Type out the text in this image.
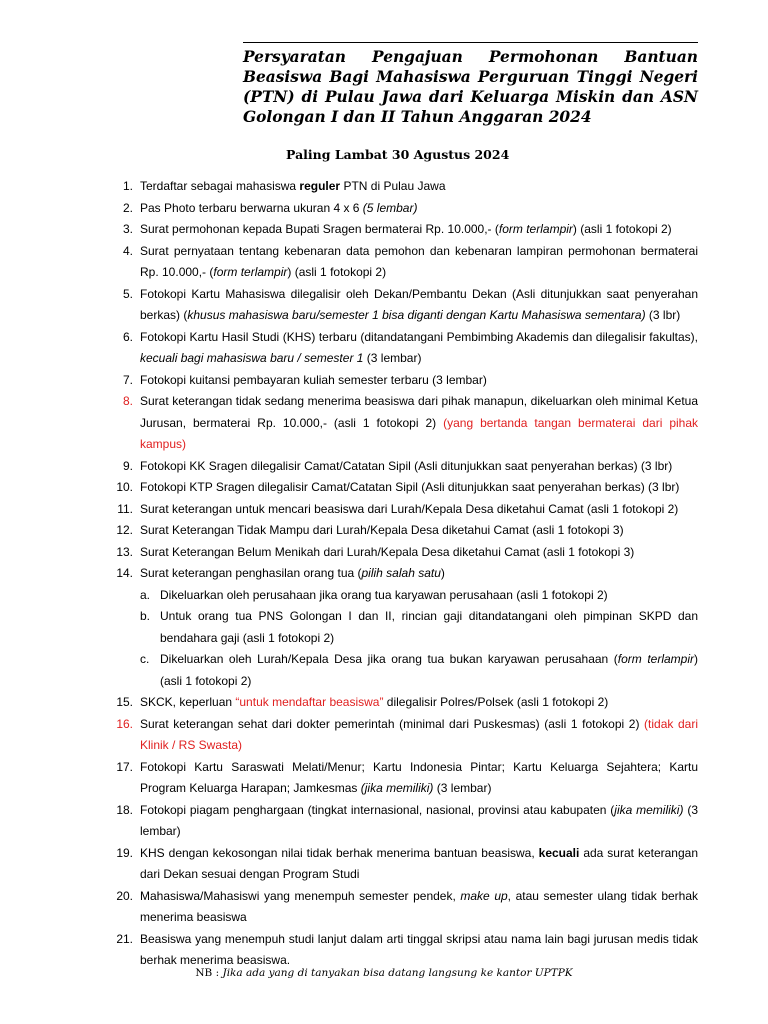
Persyaratan Pengajuan Permohonan Bantuan Beasiswa Bagi Mahasiswa Perguruan Tinggi Negeri (PTN) di Pulau Jawa dari Keluarga Miskin dan ASN Golongan I dan II Tahun Anggaran 2024
Paling Lambat 30 Agustus 2024
1. Terdaftar sebagai mahasiswa reguler PTN di Pulau Jawa
2. Pas Photo terbaru berwarna ukuran 4 x 6 (5 lembar)
3. Surat permohonan kepada Bupati Sragen bermaterai Rp. 10.000,- (form terlampir) (asli 1 fotokopi 2)
4. Surat pernyataan tentang kebenaran data pemohon dan kebenaran lampiran permohonan bermaterai Rp. 10.000,- (form terlampir) (asli 1 fotokopi 2)
5. Fotokopi Kartu Mahasiswa dilegalisir oleh Dekan/Pembantu Dekan (Asli ditunjukkan saat penyerahan berkas) (khusus mahasiswa baru/semester 1 bisa diganti dengan Kartu Mahasiswa sementara) (3 lbr)
6. Fotokopi Kartu Hasil Studi (KHS) terbaru (ditandatangani Pembimbing Akademis dan dilegalisir fakultas), kecuali bagi mahasiswa baru / semester 1 (3 lembar)
7. Fotokopi kuitansi pembayaran kuliah semester terbaru (3 lembar)
8. Surat keterangan tidak sedang menerima beasiswa dari pihak manapun, dikeluarkan oleh minimal Ketua Jurusan, bermaterai Rp. 10.000,- (asli 1 fotokopi 2) (yang bertanda tangan bermaterai dari pihak kampus)
9. Fotokopi KK Sragen dilegalisir Camat/Catatan Sipil (Asli ditunjukkan saat penyerahan berkas) (3 lbr)
10. Fotokopi KTP Sragen dilegalisir Camat/Catatan Sipil (Asli ditunjukkan saat penyerahan berkas) (3 lbr)
11. Surat keterangan untuk mencari beasiswa dari Lurah/Kepala Desa diketahui Camat (asli 1 fotokopi 2)
12. Surat Keterangan Tidak Mampu dari Lurah/Kepala Desa diketahui Camat (asli 1 fotokopi 3)
13. Surat Keterangan Belum Menikah dari Lurah/Kepala Desa diketahui Camat (asli 1 fotokopi 3)
14. Surat keterangan penghasilan orang tua (pilih salah satu)
a. Dikeluarkan oleh perusahaan jika orang tua karyawan perusahaan (asli 1 fotokopi 2)
b. Untuk orang tua PNS Golongan I dan II, rincian gaji ditandatangani oleh pimpinan SKPD dan bendahara gaji (asli 1 fotokopi 2)
c. Dikeluarkan oleh Lurah/Kepala Desa jika orang tua bukan karyawan perusahaan (form terlampir) (asli 1 fotokopi 2)
15. SKCK, keperluan “untuk mendaftar beasiswa” dilegalisir Polres/Polsek (asli 1 fotokopi 2)
16. Surat keterangan sehat dari dokter pemerintah (minimal dari Puskesmas) (asli 1 fotokopi 2) (tidak dari Klinik / RS Swasta)
17. Fotokopi Kartu Saraswati Melati/Menur; Kartu Indonesia Pintar; Kartu Keluarga Sejahtera; Kartu Program Keluarga Harapan; Jamkesmas (jika memiliki) (3 lembar)
18. Fotokopi piagam penghargaan (tingkat internasional, nasional, provinsi atau kabupaten (jika memiliki) (3 lembar)
19. KHS dengan kekosongan nilai tidak berhak menerima bantuan beasiswa, kecuali ada surat keterangan dari Dekan sesuai dengan Program Studi
20. Mahasiswa/Mahasiswi yang menempuh semester pendek, make up, atau semester ulang tidak berhak menerima beasiswa
21. Beasiswa yang menempuh studi lanjut dalam arti tinggal skripsi atau nama lain bagi jurusan medis tidak berhak menerima beasiswa.
NB : Jika ada yang di tanyakan bisa datang langsung ke kantor UPTPK
